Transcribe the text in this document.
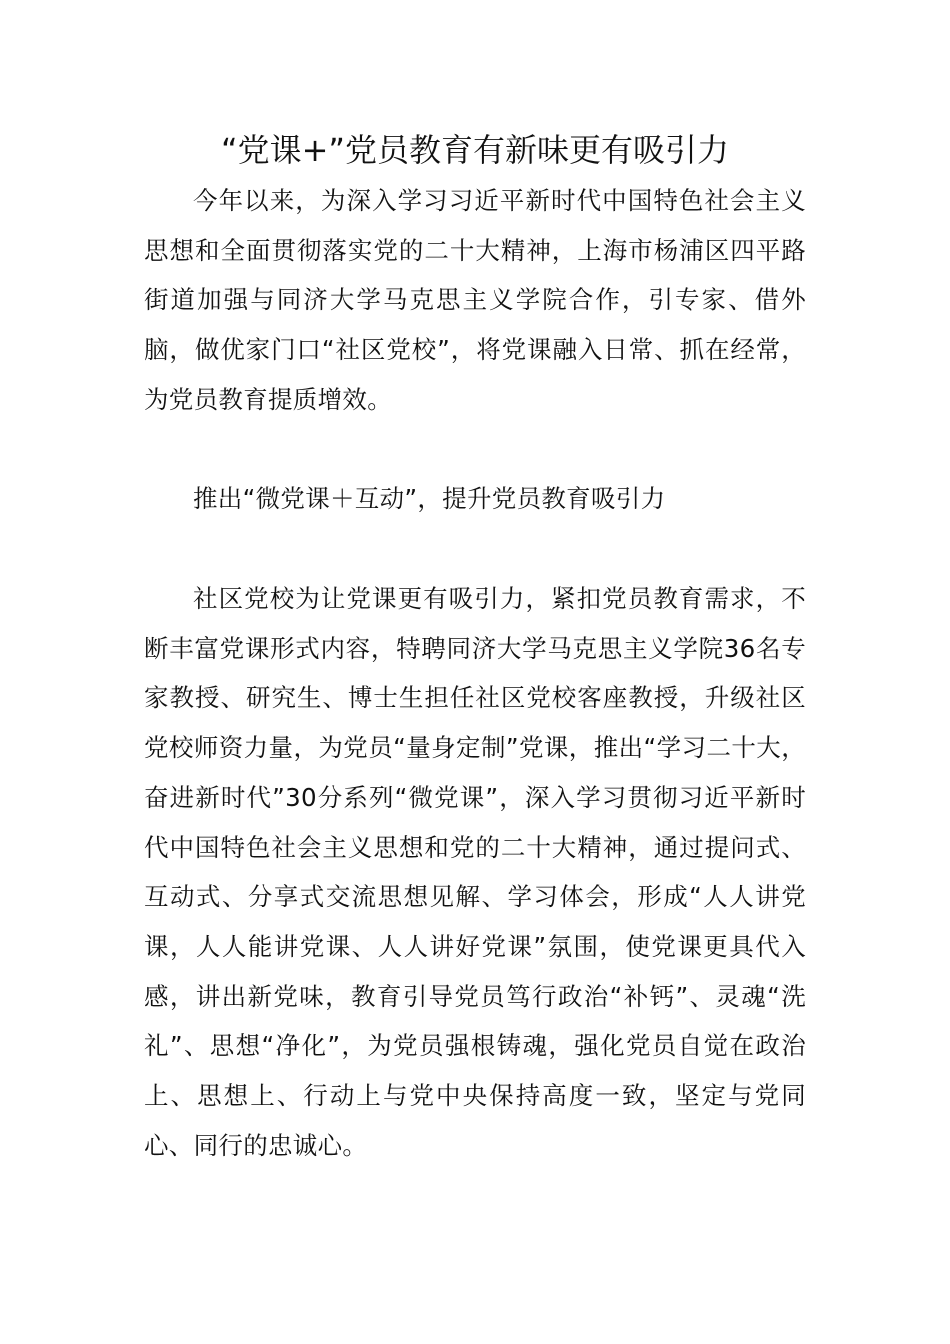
“党课+”党员教育有新味更有吸引力

今年以来，为深入学习习近平新时代中国特色社会主义思想和全面贯彻落实党的二十大精神，上海市杨浦区四平路街道加强与同济大学马克思主义学院合作，引专家、借外脑，做优家门口“社区党校”，将党课融入日常、抓在经常，为党员教育提质增效。

推出“微党课＋互动”，提升党员教育吸引力

社区党校为让党课更有吸引力，紧扣党员教育需求，不断丰富党课形式内容，特聘同济大学马克思主义学院36名专家教授、研究生、博士生担任社区党校客座教授，升级社区党校师资力量，为党员“量身定制”党课，推出“学习二十大，奋进新时代”30分系列“微党课”，深入学习贯彻习近平新时代中国特色社会主义思想和党的二十大精神，通过提问式、互动式、分享式交流思想见解、学习体会，形成“人人讲党课，人人能讲党课、人人讲好党课”氛围，使党课更具代入感，讲出新党味，教育引导党员笃行政治“补钙”、灵魂“洗礼”、思想“净化”，为党员强根铸魂，强化党员自觉在政治上、思想上、行动上与党中央保持高度一致，坚定与党同心、同行的忠诚心。
